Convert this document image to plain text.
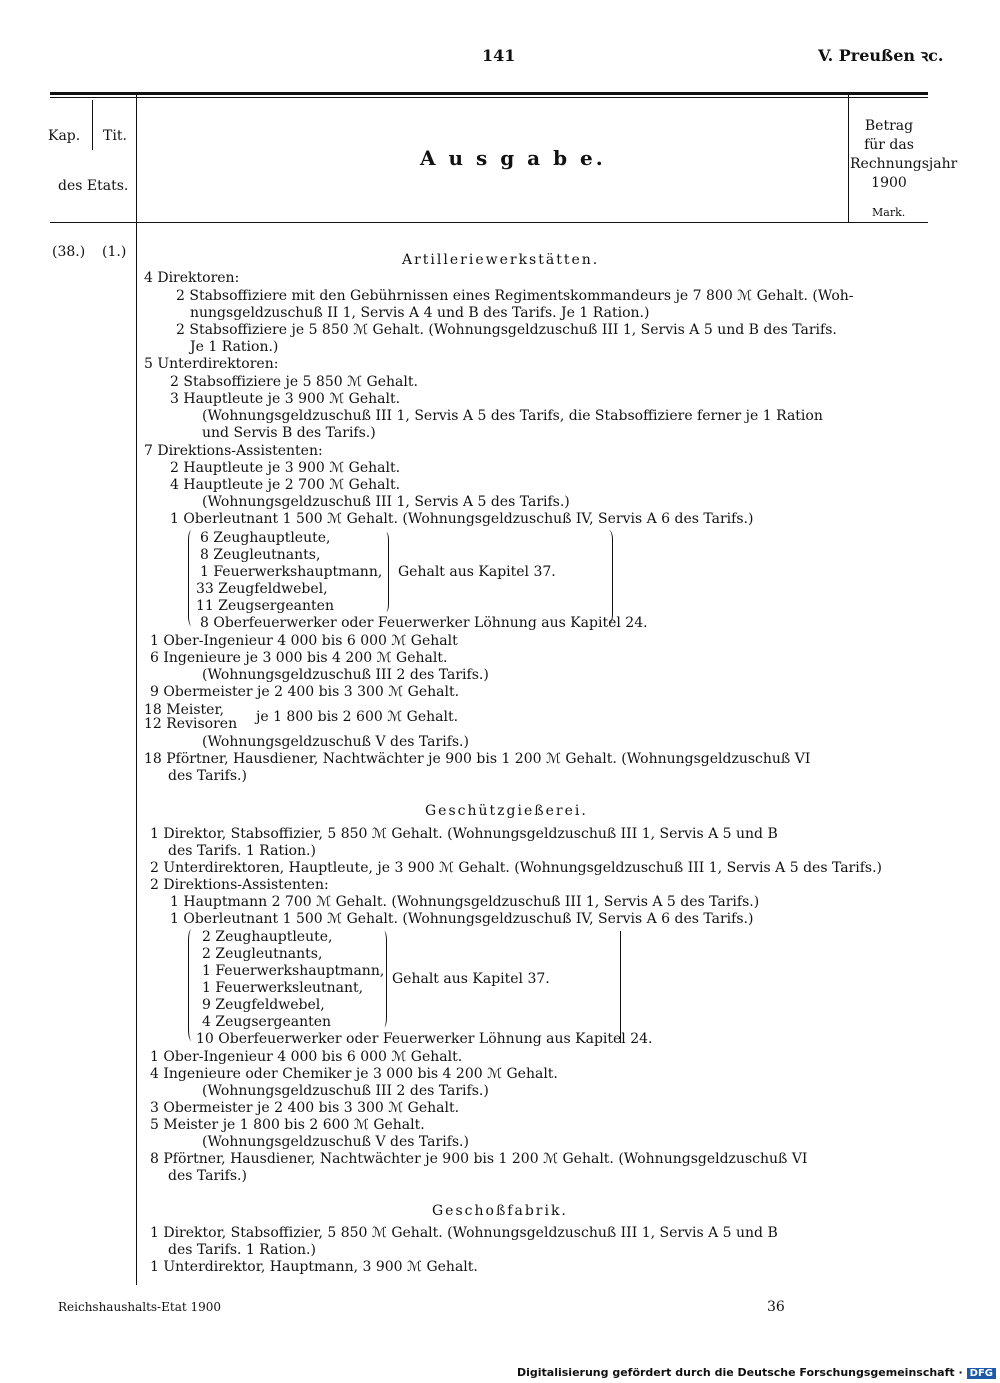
141	V. Preußen ꝛc.
Kap. Tit.
des Etats.
A u s g a b e.
Betrag
für das
Rechnungsjahr
1900
Mark.
(38.) (1.)	Artilleriewerkstätten.
4 Direktoren:
2 Stabsoffiziere mit den Gebührnissen eines Regimentskommandeurs je 7 800 ℳ Gehalt. (Woh-
nungsgeldzuschuß II 1, Servis A 4 und B des Tarifs. Je 1 Ration.)
2 Stabsoffiziere je 5 850 ℳ Gehalt. (Wohnungsgeldzuschuß III 1, Servis A 5 und B des Tarifs.
Je 1 Ration.)
5 Unterdirektoren:
2 Stabsoffiziere je 5 850 ℳ Gehalt.
3 Hauptleute je 3 900 ℳ Gehalt.
(Wohnungsgeldzuschuß III 1, Servis A 5 des Tarifs, die Stabsoffiziere ferner je 1 Ration
und Servis B des Tarifs.)
7 Direktions-Assistenten:
2 Hauptleute je 3 900 ℳ Gehalt.
4 Hauptleute je 2 700 ℳ Gehalt.
(Wohnungsgeldzuschuß III 1, Servis A 5 des Tarifs.)
1 Oberleutnant 1 500 ℳ Gehalt. (Wohnungsgeldzuschuß IV, Servis A 6 des Tarifs.)
6 Zeughauptleute,
8 Zeugleutnants,
1 Feuerwerkshauptmann,
33 Zeugfeldwebel,
11 Zeugsergeanten
Gehalt aus Kapitel 37.
8 Oberfeuerwerker oder Feuerwerker Löhnung aus Kapitel 24.
1 Ober-Ingenieur 4 000 bis 6 000 ℳ Gehalt
6 Ingenieure je 3 000 bis 4 200 ℳ Gehalt.
(Wohnungsgeldzuschuß III 2 des Tarifs.)
9 Obermeister je 2 400 bis 3 300 ℳ Gehalt.
18 Meister,
12 Revisoren je 1 800 bis 2 600 ℳ Gehalt.
(Wohnungsgeldzuschuß V des Tarifs.)
18 Pförtner, Hausdiener, Nachtwächter je 900 bis 1 200 ℳ Gehalt. (Wohnungsgeldzuschuß VI
des Tarifs.)
Geschützgießerei.
1 Direktor, Stabsoffizier, 5 850 ℳ Gehalt. (Wohnungsgeldzuschuß III 1, Servis A 5 und B
des Tarifs. 1 Ration.)
2 Unterdirektoren, Hauptleute, je 3 900 ℳ Gehalt. (Wohnungsgeldzuschuß III 1, Servis A 5 des Tarifs.)
2 Direktions-Assistenten:
1 Hauptmann 2 700 ℳ Gehalt. (Wohnungsgeldzuschuß III 1, Servis A 5 des Tarifs.)
1 Oberleutnant 1 500 ℳ Gehalt. (Wohnungsgeldzuschuß IV, Servis A 6 des Tarifs.)
2 Zeughauptleute,
2 Zeugleutnants,
1 Feuerwerkshauptmann,
1 Feuerwerksleutnant,
9 Zeugfeldwebel,
4 Zeugsergeanten
Gehalt aus Kapitel 37.
10 Oberfeuerwerker oder Feuerwerker Löhnung aus Kapitel 24.
1 Ober-Ingenieur 4 000 bis 6 000 ℳ Gehalt.
4 Ingenieure oder Chemiker je 3 000 bis 4 200 ℳ Gehalt.
(Wohnungsgeldzuschuß III 2 des Tarifs.)
3 Obermeister je 2 400 bis 3 300 ℳ Gehalt.
5 Meister je 1 800 bis 2 600 ℳ Gehalt.
(Wohnungsgeldzuschuß V des Tarifs.)
8 Pförtner, Hausdiener, Nachtwächter je 900 bis 1 200 ℳ Gehalt. (Wohnungsgeldzuschuß VI
des Tarifs.)
Geschoßfabrik.
1 Direktor, Stabsoffizier, 5 850 ℳ Gehalt. (Wohnungsgeldzuschuß III 1, Servis A 5 und B
des Tarifs. 1 Ration.)
1 Unterdirektor, Hauptmann, 3 900 ℳ Gehalt.
Reichshaushalts-Etat 1900	36
Digitalisierung gefördert durch die Deutsche Forschungsgemeinschaft · DFG
